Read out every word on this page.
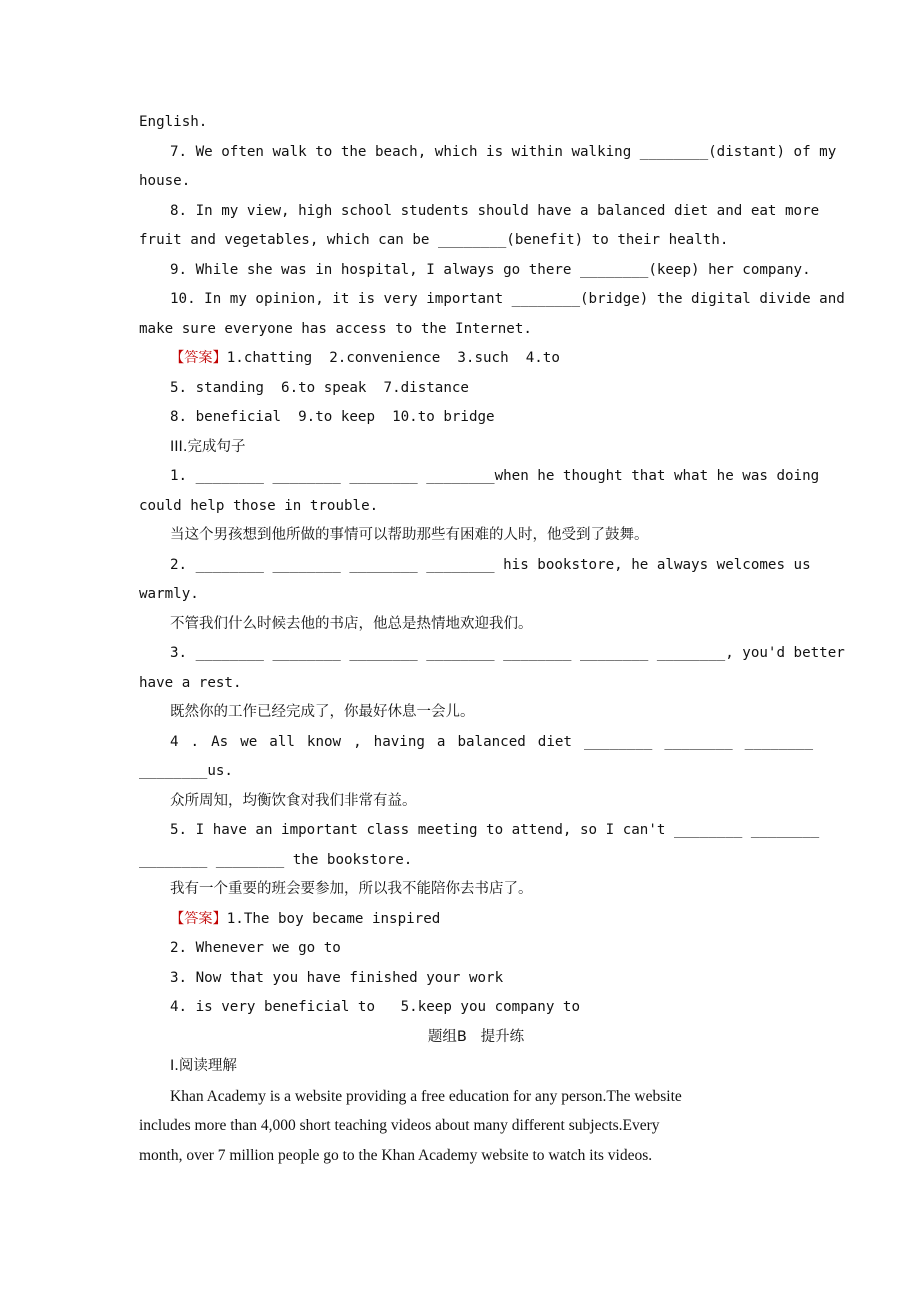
English.
7. We often walk to the beach, which is within walking ________(distant) of my
house.
8. In my view, high school students should have a balanced diet and eat more
fruit and vegetables, which can be ________(benefit) to their health.
9. While she was in hospital, I always go there ________(keep) her company.
10. In my opinion, it is very important ________(bridge) the digital divide and
make sure everyone has access to the Internet.
【答案】1.chatting  2.convenience  3.such  4.to
5. standing  6.to speak  7.distance
8. beneficial  9.to keep  10.to bridge
III.完成句子
1. ________ ________ ________ ________when he thought that what he was doing
could help those in trouble.
当这个男孩想到他所做的事情可以帮助那些有困难的人时，他受到了鼓舞。
2. ________ ________ ________ ________ his bookstore, he always welcomes us
warmly.
不管我们什么时候去他的书店，他总是热情地欢迎我们。
3. ________ ________ ________ ________ ________ ________ ________, you'd better
have a rest.
既然你的工作已经完成了，你最好休息一会儿。
4 . As we all know , having a balanced diet ________ ________ ________
________us.
众所周知，均衡饮食对我们非常有益。
5. I have an important class meeting to attend, so I can't ________ ________
________ ________ the bookstore.
我有一个重要的班会要参加，所以我不能陪你去书店了。
【答案】1.The boy became inspired
2. Whenever we go to
3. Now that you have finished your work
4. is very beneficial to   5.keep you company to
题组B   提升练
Ⅰ.阅读理解
Khan Academy is a website providing a free education for any person.The website
includes more than 4,000 short teaching videos about many different subjects.Every
month, over 7 million people go to the Khan Academy website to watch its videos.
